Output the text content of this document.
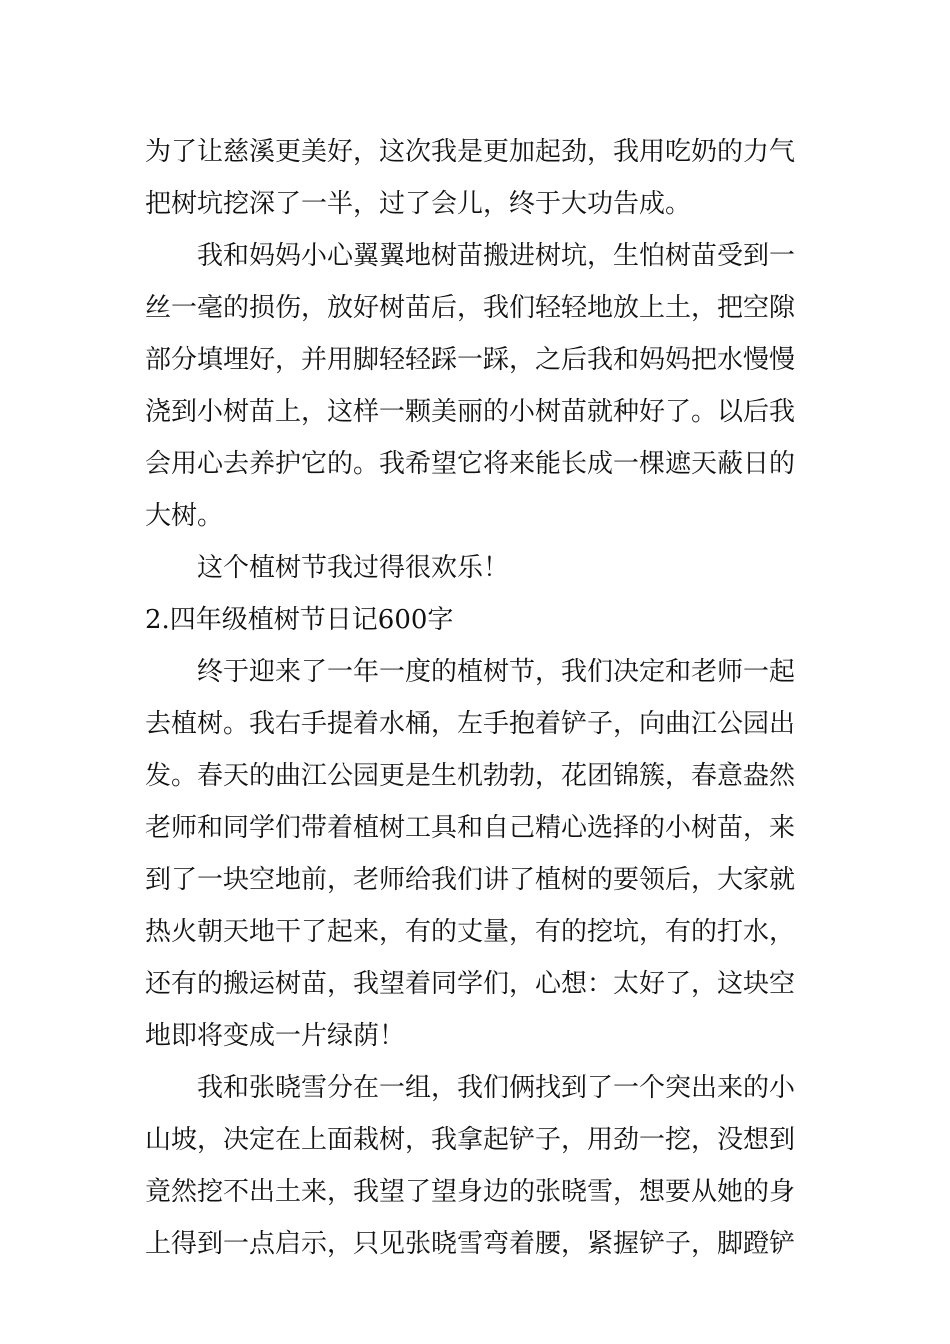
为了让慈溪更美好，这次我是更加起劲，我用吃奶的力气把树坑挖深了一半，过了会儿，终于大功告成。

　　我和妈妈小心翼翼地树苗搬进树坑，生怕树苗受到一丝一毫的损伤，放好树苗后，我们轻轻地放上土，把空隙部分填埋好，并用脚轻轻踩一踩，之后我和妈妈把水慢慢浇到小树苗上，这样一颗美丽的小树苗就种好了。以后我会用心去养护它的。我希望它将来能长成一棵遮天蔽日的大树。

　　这个植树节我过得很欢乐！

2.四年级植树节日记600字

　　终于迎来了一年一度的植树节，我们决定和老师一起去植树。我右手提着水桶，左手抱着铲子，向曲江公园出发。春天的曲江公园更是生机勃勃，花团锦簇，春意盎然老师和同学们带着植树工具和自己精心选择的小树苗，来到了一块空地前，老师给我们讲了植树的要领后，大家就热火朝天地干了起来，有的丈量，有的挖坑，有的打水，还有的搬运树苗，我望着同学们，心想：太好了，这块空地即将变成一片绿荫！

　　我和张晓雪分在一组，我们俩找到了一个突出来的小山坡，决定在上面栽树，我拿起铲子，用劲一挖，没想到竟然挖不出土来，我望了望身边的张晓雪，想要从她的身上得到一点启示，只见张晓雪弯着腰，紧握铲子，脚蹬铲
